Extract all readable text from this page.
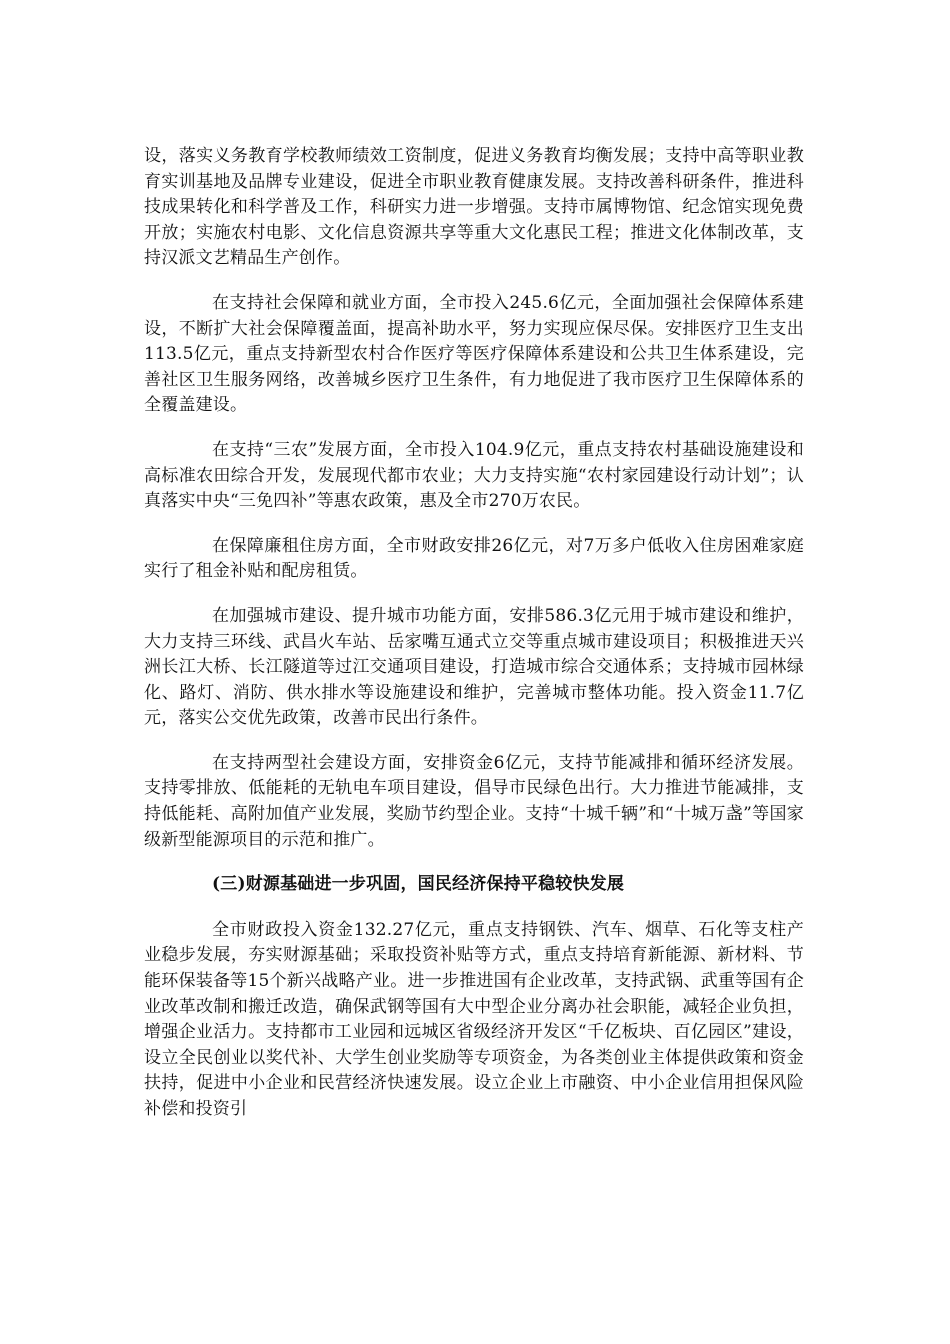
设，落实义务教育学校教师绩效工资制度，促进义务教育均衡发展；支持中高等职业教育实训基地及品牌专业建设，促进全市职业教育健康发展。支持改善科研条件，推进科技成果转化和科学普及工作，科研实力进一步增强。支持市属博物馆、纪念馆实现免费开放；实施农村电影、文化信息资源共享等重大文化惠民工程；推进文化体制改革，支持汉派文艺精品生产创作。

在支持社会保障和就业方面，全市投入245.6亿元，全面加强社会保障体系建设，不断扩大社会保障覆盖面，提高补助水平，努力实现应保尽保。安排医疗卫生支出113.5亿元，重点支持新型农村合作医疗等医疗保障体系建设和公共卫生体系建设，完善社区卫生服务网络，改善城乡医疗卫生条件，有力地促进了我市医疗卫生保障体系的全覆盖建设。

在支持“三农”发展方面，全市投入104.9亿元，重点支持农村基础设施建设和高标准农田综合开发，发展现代都市农业；大力支持实施“农村家园建设行动计划”；认真落实中央“三免四补”等惠农政策，惠及全市270万农民。

在保障廉租住房方面，全市财政安排26亿元，对7万多户低收入住房困难家庭实行了租金补贴和配房租赁。

在加强城市建设、提升城市功能方面，安排586.3亿元用于城市建设和维护，大力支持三环线、武昌火车站、岳家嘴互通式立交等重点城市建设项目；积极推进天兴洲长江大桥、长江隧道等过江交通项目建设，打造城市综合交通体系；支持城市园林绿化、路灯、消防、供水排水等设施建设和维护，完善城市整体功能。投入资金11.7亿元，落实公交优先政策，改善市民出行条件。

在支持两型社会建设方面，安排资金6亿元，支持节能减排和循环经济发展。支持零排放、低能耗的无轨电车项目建设，倡导市民绿色出行。大力推进节能减排，支持低能耗、高附加值产业发展，奖励节约型企业。支持“十城千辆”和“十城万盏”等国家级新型能源项目的示范和推广。

(三)财源基础进一步巩固，国民经济保持平稳较快发展

全市财政投入资金132.27亿元，重点支持钢铁、汽车、烟草、石化等支柱产业稳步发展，夯实财源基础；采取投资补贴等方式，重点支持培育新能源、新材料、节能环保装备等15个新兴战略产业。进一步推进国有企业改革，支持武锅、武重等国有企业改革改制和搬迁改造，确保武钢等国有大中型企业分离办社会职能，减轻企业负担，增强企业活力。支持都市工业园和远城区省级经济开发区“千亿板块、百亿园区”建设，设立全民创业以奖代补、大学生创业奖励等专项资金，为各类创业主体提供政策和资金扶持，促进中小企业和民营经济快速发展。设立企业上市融资、中小企业信用担保风险补偿和投资引
